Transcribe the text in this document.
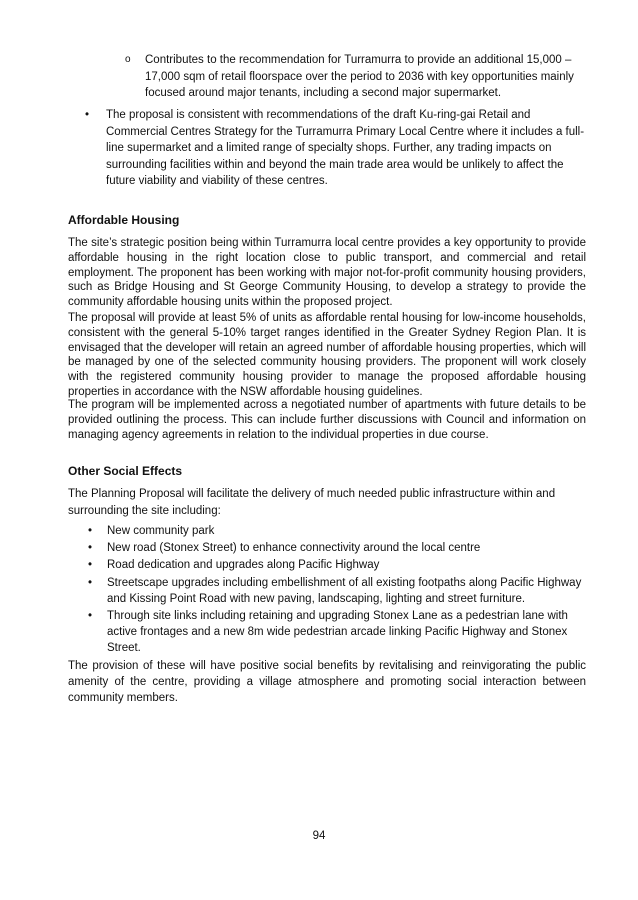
o Contributes to the recommendation for Turramurra to provide an additional 15,000 – 17,000 sqm of retail floorspace over the period to 2036 with key opportunities mainly focused around major tenants, including a second major supermarket.
• The proposal is consistent with recommendations of the draft Ku-ring-gai Retail and Commercial Centres Strategy for the Turramurra Primary Local Centre where it includes a full-line supermarket and a limited range of specialty shops. Further, any trading impacts on surrounding facilities within and beyond the main trade area would be unlikely to affect the future viability and viability of these centres.
Affordable Housing

The site’s strategic position being within Turramurra local centre provides a key opportunity to provide affordable housing in the right location close to public transport, and commercial and retail employment. The proponent has been working with major not-for-profit community housing providers, such as Bridge Housing and St George Community Housing, to develop a strategy to provide the community affordable housing units within the proposed project.

The proposal will provide at least 5% of units as affordable rental housing for low-income households, consistent with the general 5-10% target ranges identified in the Greater Sydney Region Plan. It is envisaged that the developer will retain an agreed number of affordable housing properties, which will be managed by one of the selected community housing providers. The proponent will work closely with the registered community housing provider to manage the proposed affordable housing properties in accordance with the NSW affordable housing guidelines.

The program will be implemented across a negotiated number of apartments with future details to be provided outlining the process. This can include further discussions with Council and information on managing agency agreements in relation to the individual properties in due course.

Other Social Effects

The Planning Proposal will facilitate the delivery of much needed public infrastructure within and surrounding the site including:

• New community park
• New road (Stonex Street) to enhance connectivity around the local centre
• Road dedication and upgrades along Pacific Highway
• Streetscape upgrades including embellishment of all existing footpaths along Pacific Highway and Kissing Point Road with new paving, landscaping, lighting and street furniture.
• Through site links including retaining and upgrading Stonex Lane as a pedestrian lane with active frontages and a new 8m wide pedestrian arcade linking Pacific Highway and Stonex Street.

The provision of these will have positive social benefits by revitalising and reinvigorating the public amenity of the centre, providing a village atmosphere and promoting social interaction between community members.

94
